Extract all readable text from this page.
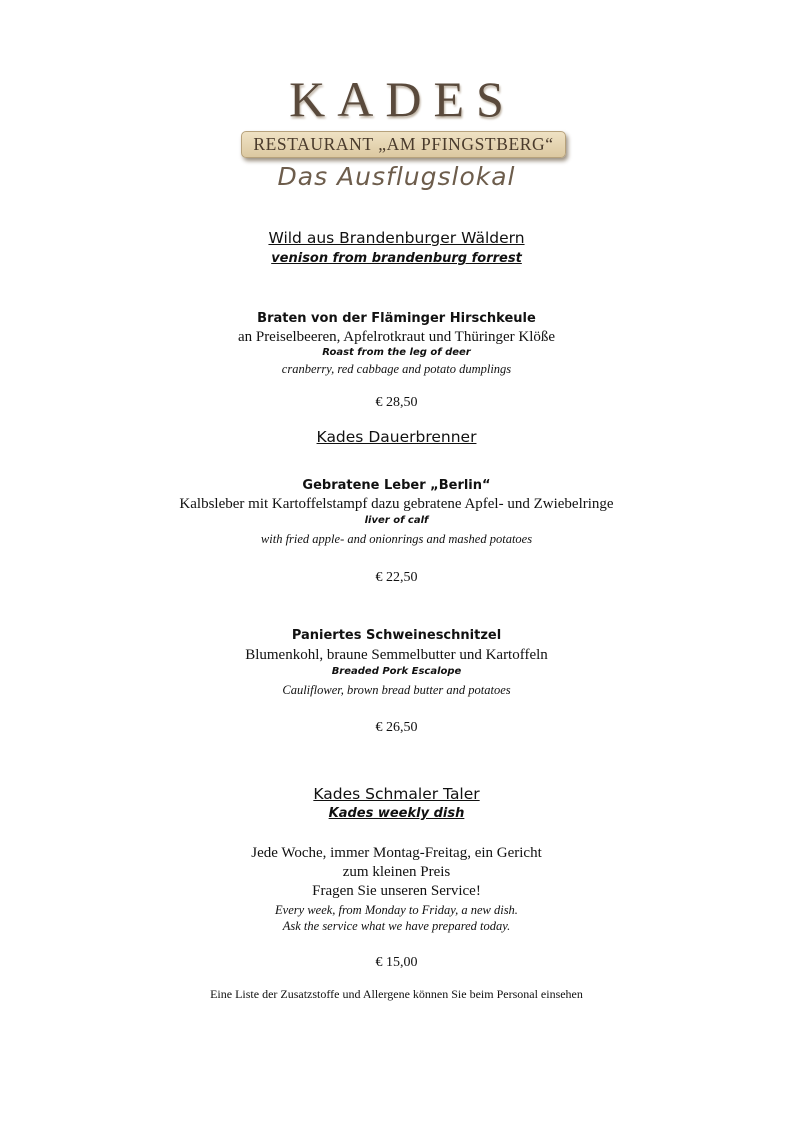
KADES
RESTAURANT „AM PFINGSTBERG“
Das Ausflugslokal
Wild aus Brandenburger Wäldern
venison from brandenburg forrest
Braten von der Fläminger Hirschkeule
an Preiselbeeren, Apfelrotkraut und Thüringer Klöße
Roast from the leg of deer
cranberry, red cabbage and potato dumplings
€ 28,50
Kades Dauerbrenner
Gebratene Leber „Berlin“
Kalbsleber mit Kartoffelstampf dazu gebratene Apfel- und Zwiebelringe
liver of calf
with fried apple- and onionrings and mashed potatoes
€ 22,50
Paniertes Schweineschnitzel
Blumenkohl, braune Semmelbutter und Kartoffeln
Breaded Pork Escalope
Cauliflower, brown bread butter and potatoes
€ 26,50
Kades Schmaler Taler
Kades weekly dish
Jede Woche, immer Montag-Freitag, ein Gericht
zum kleinen Preis
Fragen Sie unseren Service!
Every week, from Monday to Friday, a new dish.
Ask the service what we have prepared today.
€ 15,00
Eine Liste der Zusatzstoffe und Allergene können Sie beim Personal einsehen
